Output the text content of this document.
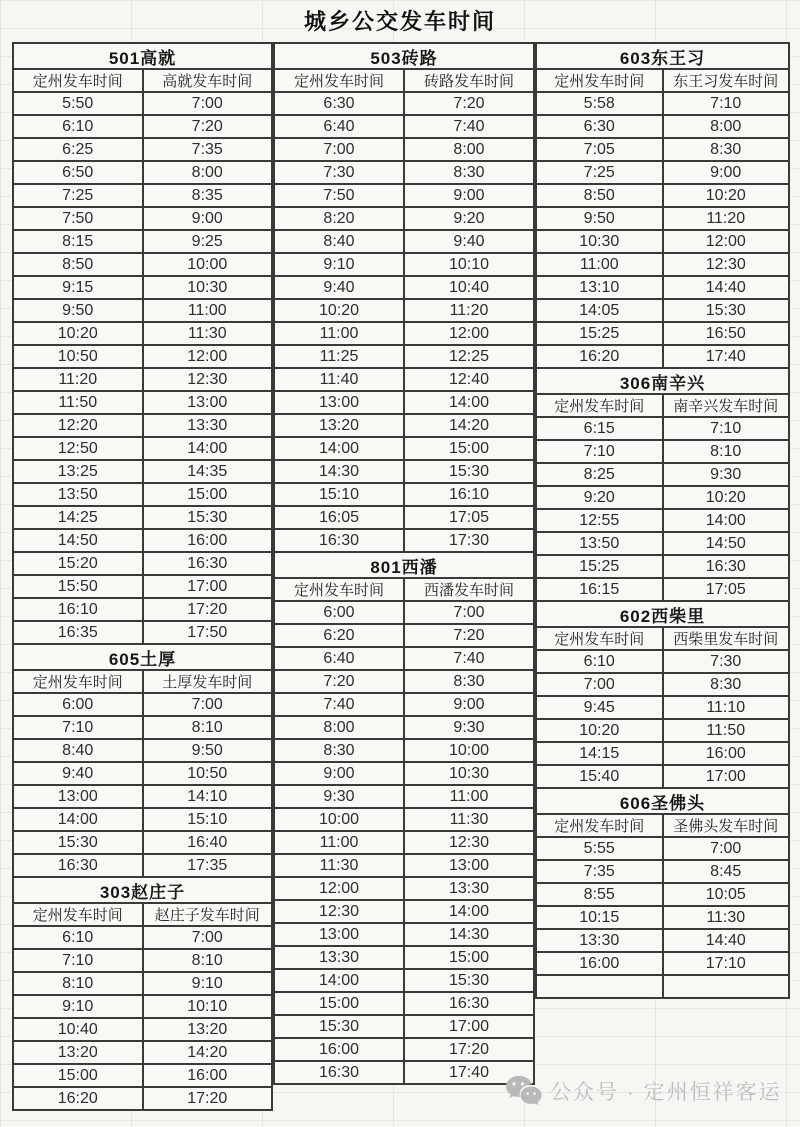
城乡公交发车时间
501高就
定州发车时间	高就发车时间
5:50	7:00
6:10	7:20
6:25	7:35
6:50	8:00
7:25	8:35
7:50	9:00
8:15	9:25
8:50	10:00
9:15	10:30
9:50	11:00
10:20	11:30
10:50	12:00
11:20	12:30
11:50	13:00
12:20	13:30
12:50	14:00
13:25	14:35
13:50	15:00
14:25	15:30
14:50	16:00
15:20	16:30
15:50	17:00
16:10	17:20
16:35	17:50
605土厚
定州发车时间	土厚发车时间
6:00	7:00
7:10	8:10
8:40	9:50
9:40	10:50
13:00	14:10
14:00	15:10
15:30	16:40
16:30	17:35
303赵庄子
定州发车时间	赵庄子发车时间
6:10	7:00
7:10	8:10
8:10	9:10
9:10	10:10
10:40	13:20
13:20	14:20
15:00	16:00
16:20	17:20
503砖路
定州发车时间	砖路发车时间
6:30	7:20
6:40	7:40
7:00	8:00
7:30	8:30
7:50	9:00
8:20	9:20
8:40	9:40
9:10	10:10
9:40	10:40
10:20	11:20
11:00	12:00
11:25	12:25
11:40	12:40
13:00	14:00
13:20	14:20
14:00	15:00
14:30	15:30
15:10	16:10
16:05	17:05
16:30	17:30
801西潘
定州发车时间	西潘发车时间
6:00	7:00
6:20	7:20
6:40	7:40
7:20	8:30
7:40	9:00
8:00	9:30
8:30	10:00
9:00	10:30
9:30	11:00
10:00	11:30
11:00	12:30
11:30	13:00
12:00	13:30
12:30	14:00
13:00	14:30
13:30	15:00
14:00	15:30
15:00	16:30
15:30	17:00
16:00	17:20
16:30	17:40
603东王习
定州发车时间	东王习发车时间
5:58	7:10
6:30	8:00
7:05	8:30
7:25	9:00
8:50	10:20
9:50	11:20
10:30	12:00
11:00	12:30
13:10	14:40
14:05	15:30
15:25	16:50
16:20	17:40
306南辛兴
定州发车时间	南辛兴发车时间
6:15	7:10
7:10	8:10
8:25	9:30
9:20	10:20
12:55	14:00
13:50	14:50
15:25	16:30
16:15	17:05
602西柴里
定州发车时间	西柴里发车时间
6:10	7:30
7:00	8:30
9:45	11:10
10:20	11:50
14:15	16:00
15:40	17:00
606圣佛头
定州发车时间	圣佛头发车时间
5:55	7:00
7:35	8:45
8:55	10:05
10:15	11:30
13:30	14:40
16:00	17:10
公众号 · 定州恒祥客运
